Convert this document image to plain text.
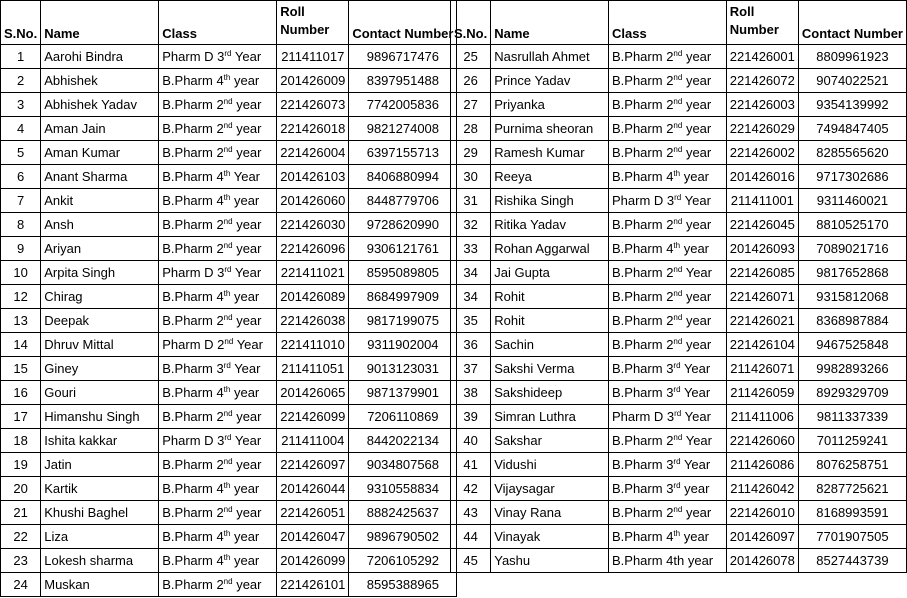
S.No.	Name	Class	Roll Number	Contact Number
1	Aarohi Bindra	Pharm D 3rd Year	211411017	9896717476
2	Abhishek	B.Pharm 4th year	201426009	8397951488
3	Abhishek Yadav	B.Pharm 2nd year	221426073	7742005836
4	Aman Jain	B.Pharm 2nd year	221426018	9821274008
5	Aman Kumar	B.Pharm 2nd year	221426004	6397155713
6	Anant Sharma	B.Pharm 4th Year	201426103	8406880994
7	Ankit	B.Pharm 4th year	201426060	8448779706
8	Ansh	B.Pharm 2nd year	221426030	9728620990
9	Ariyan	B.Pharm 2nd year	221426096	9306121761
10	Arpita Singh	Pharm D 3rd Year	221411021	8595089805
12	Chirag	B.Pharm 4th year	201426089	8684997909
13	Deepak	B.Pharm 2nd year	221426038	9817199075
14	Dhruv Mittal	Pharm D 2nd Year	221411010	9311902004
15	Giney	B.Pharm 3rd Year	211411051	9013123031
16	Gouri	B.Pharm 4th year	201426065	9871379901
17	Himanshu Singh	B.Pharm 2nd year	221426099	7206110869
18	Ishita kakkar	Pharm D 3rd Year	211411004	8442022134
19	Jatin	B.Pharm 2nd year	221426097	9034807568
20	Kartik	B.Pharm 4th year	201426044	9310558834
21	Khushi Baghel	B.Pharm 2nd year	221426051	8882425637
22	Liza	B.Pharm 4th year	201426047	9896790502
23	Lokesh sharma	B.Pharm 4th year	201426099	7206105292
24	Muskan	B.Pharm 2nd year	221426101	8595388965
S.No.	Name	Class	Roll Number	Contact Number
25	Nasrullah Ahmet	B.Pharm 2nd year	221426001	8809961923
26	Prince Yadav	B.Pharm 2nd year	221426072	9074022521
27	Priyanka	B.Pharm 2nd year	221426003	9354139992
28	Purnima sheoran	B.Pharm 2nd year	221426029	7494847405
29	Ramesh Kumar	B.Pharm 2nd year	221426002	8285565620
30	Reeya	B.Pharm 4th year	201426016	9717302686
31	Rishika Singh	Pharm D 3rd Year	211411001	9311460021
32	Ritika Yadav	B.Pharm 2nd year	221426045	8810525170
33	Rohan Aggarwal	B.Pharm 4th year	201426093	7089021716
34	Jai Gupta	B.Pharm 2nd Year	221426085	9817652868
34	Rohit	B.Pharm 2nd year	221426071	9315812068
35	Rohit	B.Pharm 2nd year	221426021	8368987884
36	Sachin	B.Pharm 2nd year	221426104	9467525848
37	Sakshi Verma	B.Pharm 3rd Year	211426071	9982893266
38	Sakshideep	B.Pharm 3rd Year	211426059	8929329709
39	Simran Luthra	Pharm D 3rd Year	211411006	9811337339
40	Sakshar	B.Pharm 2nd Year	221426060	7011259241
41	Vidushi	B.Pharm 3rd Year	211426086	8076258751
42	Vijaysagar	B.Pharm 3rd year	211426042	8287725621
43	Vinay Rana	B.Pharm 2nd year	221426010	8168993591
44	Vinayak	B.Pharm 4th year	201426097	7701907505
45	Yashu	B.Pharm 4th year	201426078	8527443739
